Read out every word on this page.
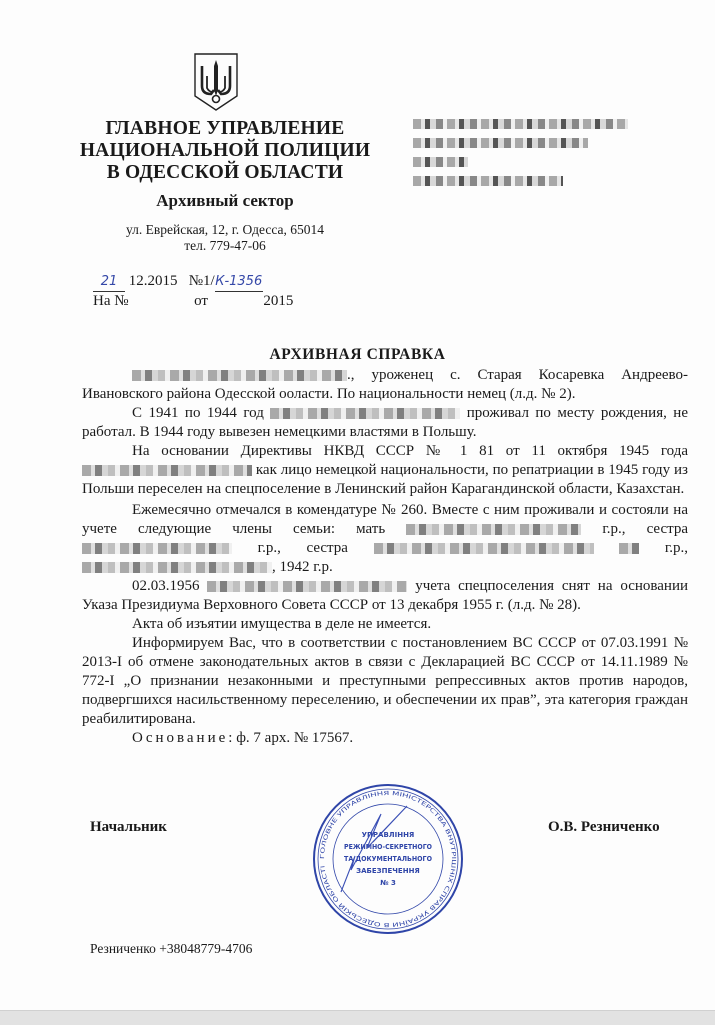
ГЛАВНОЕ УПРАВЛЕНИЕ
НАЦИОНАЛЬНОЙ ПОЛИЦИИ
В ОДЕССКОЙ ОБЛАСТИ
Архивный сектор
ул. Еврейская, 12, г. Одесса, 65014
тел. 779-47-06
21 12.2015 №1/К-1356
На №	от	2015
АРХИВНАЯ СПРАВКА

., уроженец с. Старая Косаревка Андреево-Ивановского района Одесской ооласти. По национальности немец (л.д. № 2).

С 1941 по 1944 год	проживал по месту рождения, не работал. В 1944 году вывезен немецкими властями в Польшу.

На основании Директивы НКВД СССР № 1 81 от 11 октября 1945 года  как лицо немецкой национальности, по репатриации в 1945 году из Польши переселен на спецпоселение в Ленинский район Карагандинской области, Казахстан.

Ежемесячно отмечался в комендатуре № 260. Вместе с ним проживали и состояли на учете следующие члены семьи: мать	г.р., сестра  г.р., сестра	г.р., , 1942 г.р.

02.03.1956	учета спецпоселения снят на основании Указа Президиума Верховного Совета СССР от 13 декабря 1955 г. (л.д. № 28).

Акта об изъятии имущества в деле не имеется.

Информируем Вас, что в соответствии с постановлением ВС СССР от 07.03.1991 № 2013-I об отмене законодательных актов в связи с Декларацией ВС СССР от 14.11.1989 № 772-I „О признании незаконными и преступными репрессивных актов против народов, подвергшихся насильственному переселению, и обеспечении их прав”, эта категория граждан реабилитирована.

Основание: ф. 7 арх. № 17567.

Начальник	О.В. Резниченко
ГОЛОВНЕ УПРАВЛІННЯ МІНІСТЕРСТВА ВНУТРІШНІХ СПРАВ УКРАЇНИ В ОДЕСЬКІЙ ОБЛАСТІ
УПРАВЛІННЯ
РЕЖИМНО-СЕКРЕТНОГО
ТА ДОКУМЕНТАЛЬНОГО
ЗАБЕЗПЕЧЕННЯ
№ 3
Резниченко +38048779-4706
